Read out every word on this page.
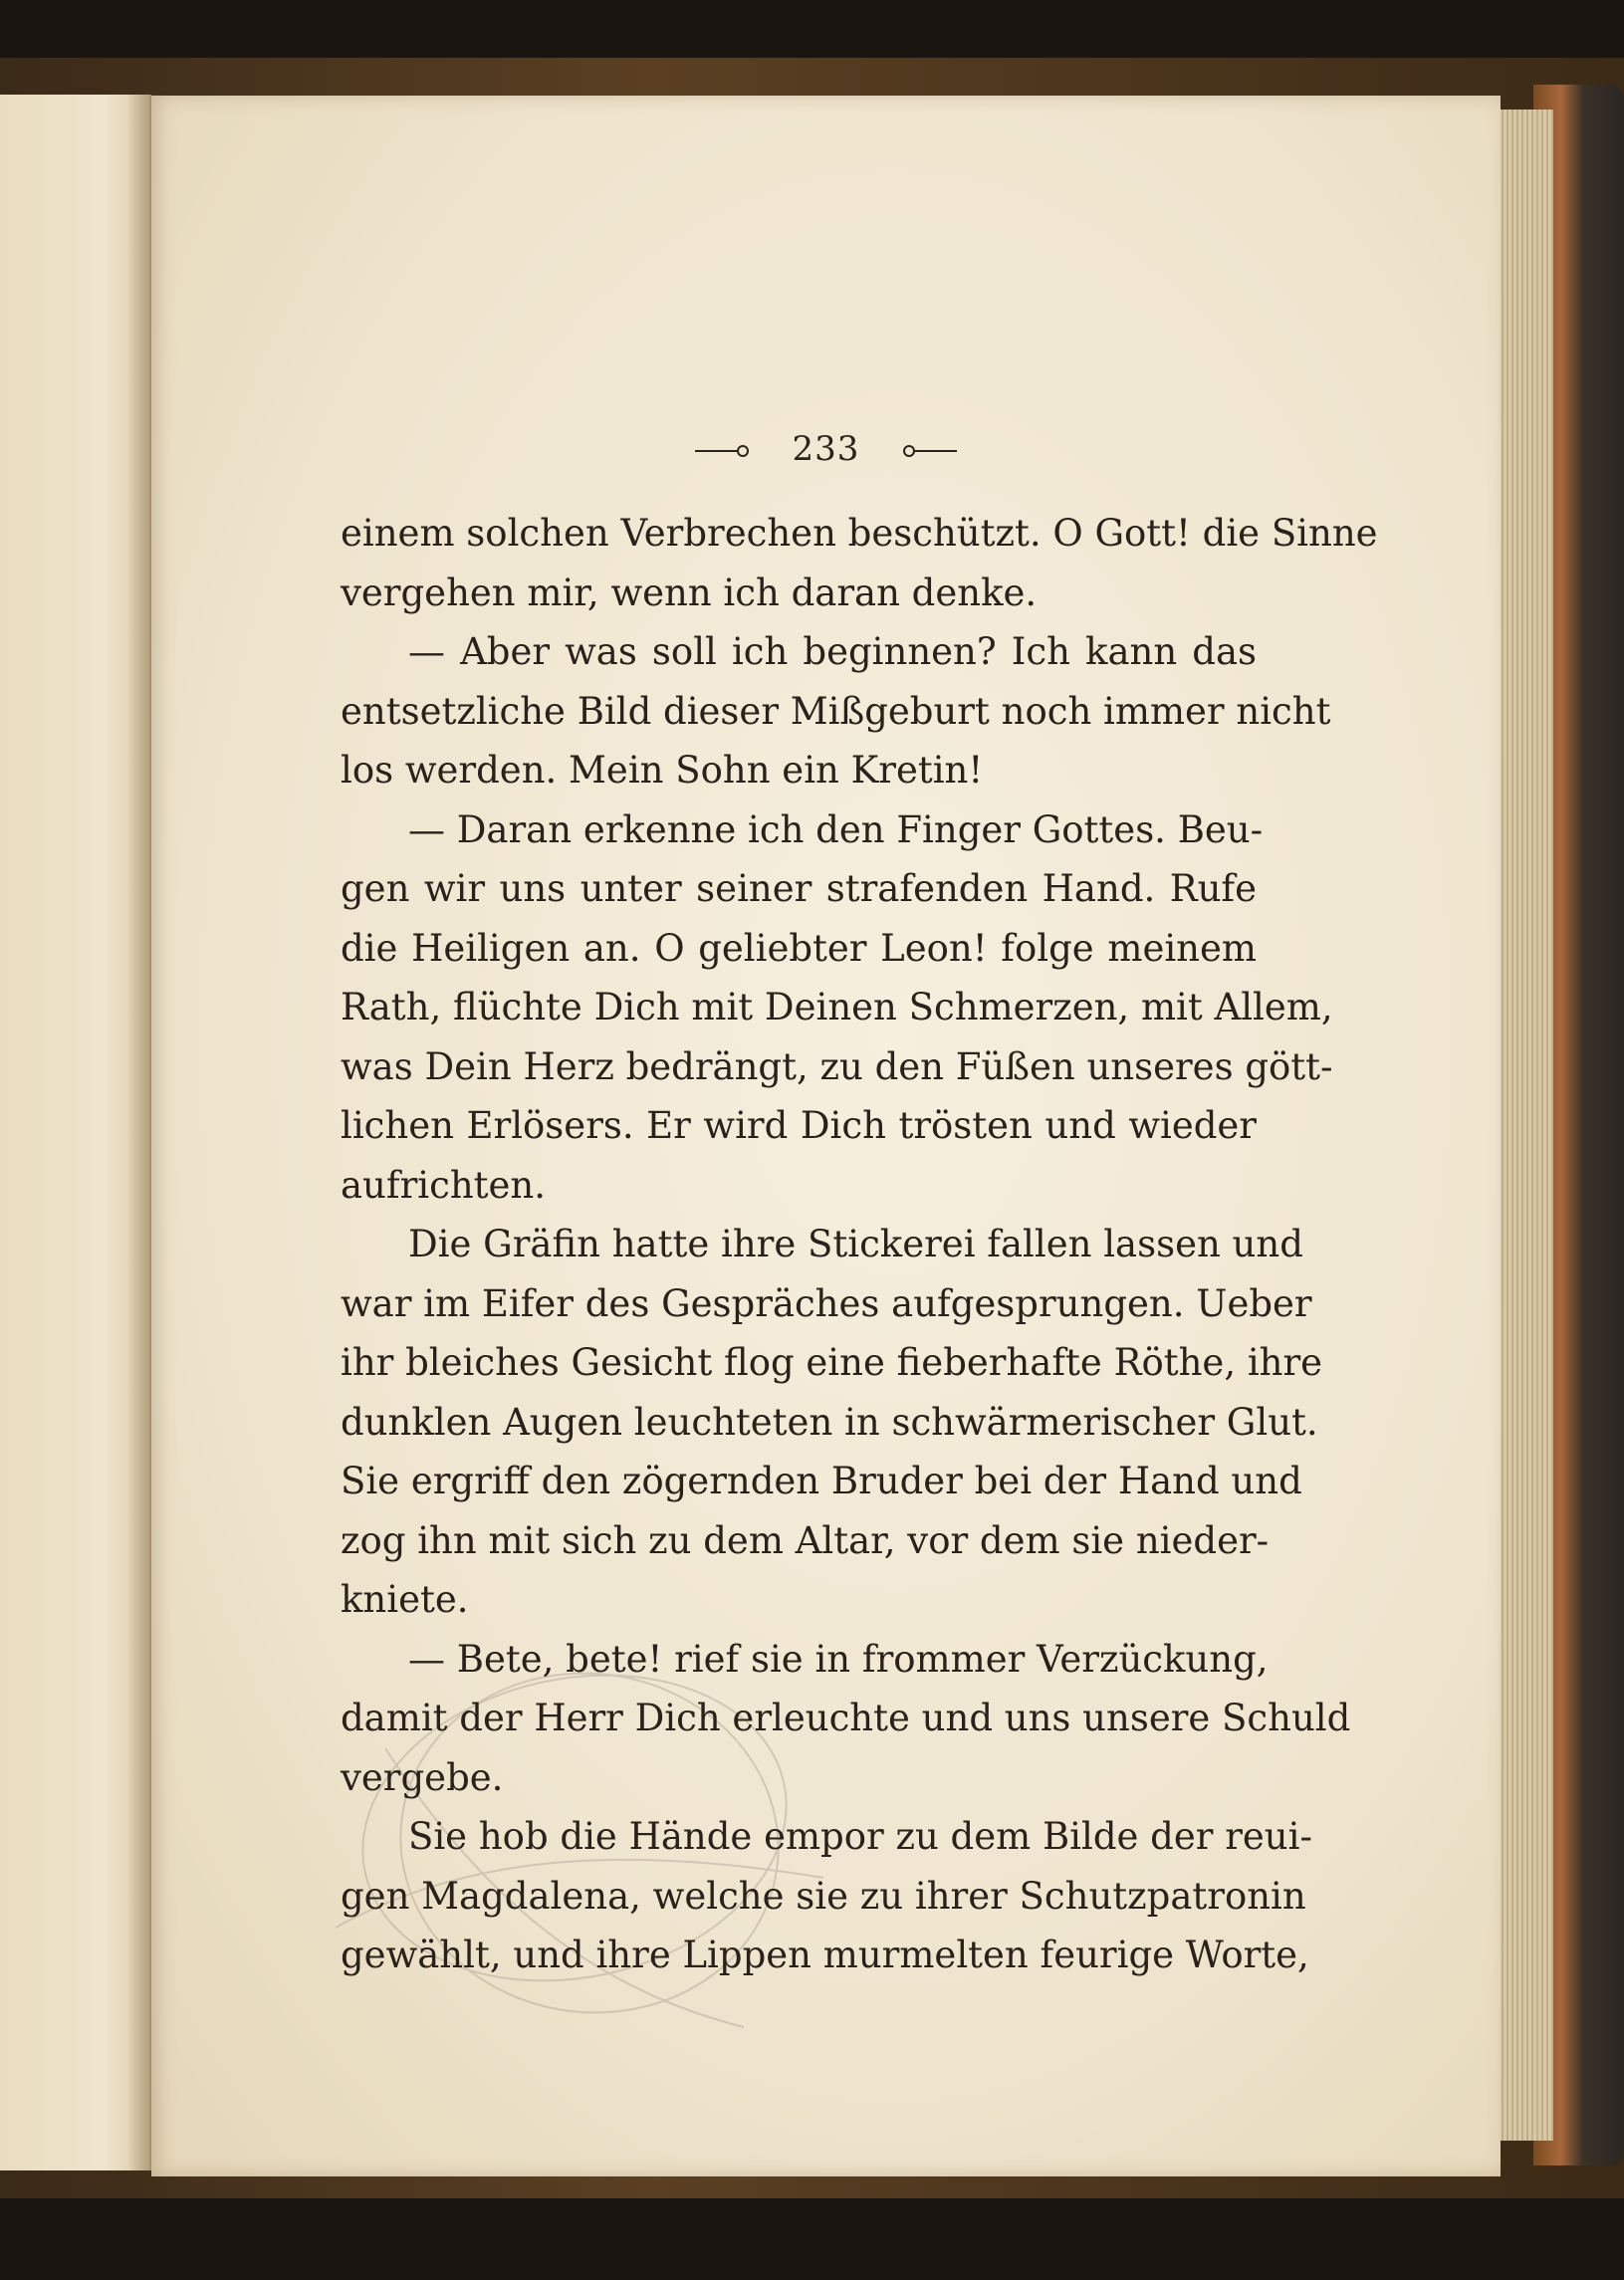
233
einem solchen Verbrechen beschützt. O Gott! die Sinne
vergehen mir, wenn ich daran denke.
— Aber was soll ich beginnen? Ich kann das
entsetzliche Bild dieser Mißgeburt noch immer nicht
los werden. Mein Sohn ein Kretin!
— Daran erkenne ich den Finger Gottes. Beu-
gen wir uns unter seiner strafenden Hand. Rufe
die Heiligen an. O geliebter Leon! folge meinem
Rath, flüchte Dich mit Deinen Schmerzen, mit Allem,
was Dein Herz bedrängt, zu den Füßen unseres gött-
lichen Erlösers. Er wird Dich trösten und wieder
aufrichten.
Die Gräfin hatte ihre Stickerei fallen lassen und
war im Eifer des Gespräches aufgesprungen. Ueber
ihr bleiches Gesicht flog eine fieberhafte Röthe, ihre
dunklen Augen leuchteten in schwärmerischer Glut.
Sie ergriff den zögernden Bruder bei der Hand und
zog ihn mit sich zu dem Altar, vor dem sie nieder-
kniete.
— Bete, bete! rief sie in frommer Verzückung,
damit der Herr Dich erleuchte und uns unsere Schuld
vergebe.
Sie hob die Hände empor zu dem Bilde der reui-
gen Magdalena, welche sie zu ihrer Schutzpatronin
gewählt, und ihre Lippen murmelten feurige Worte,
